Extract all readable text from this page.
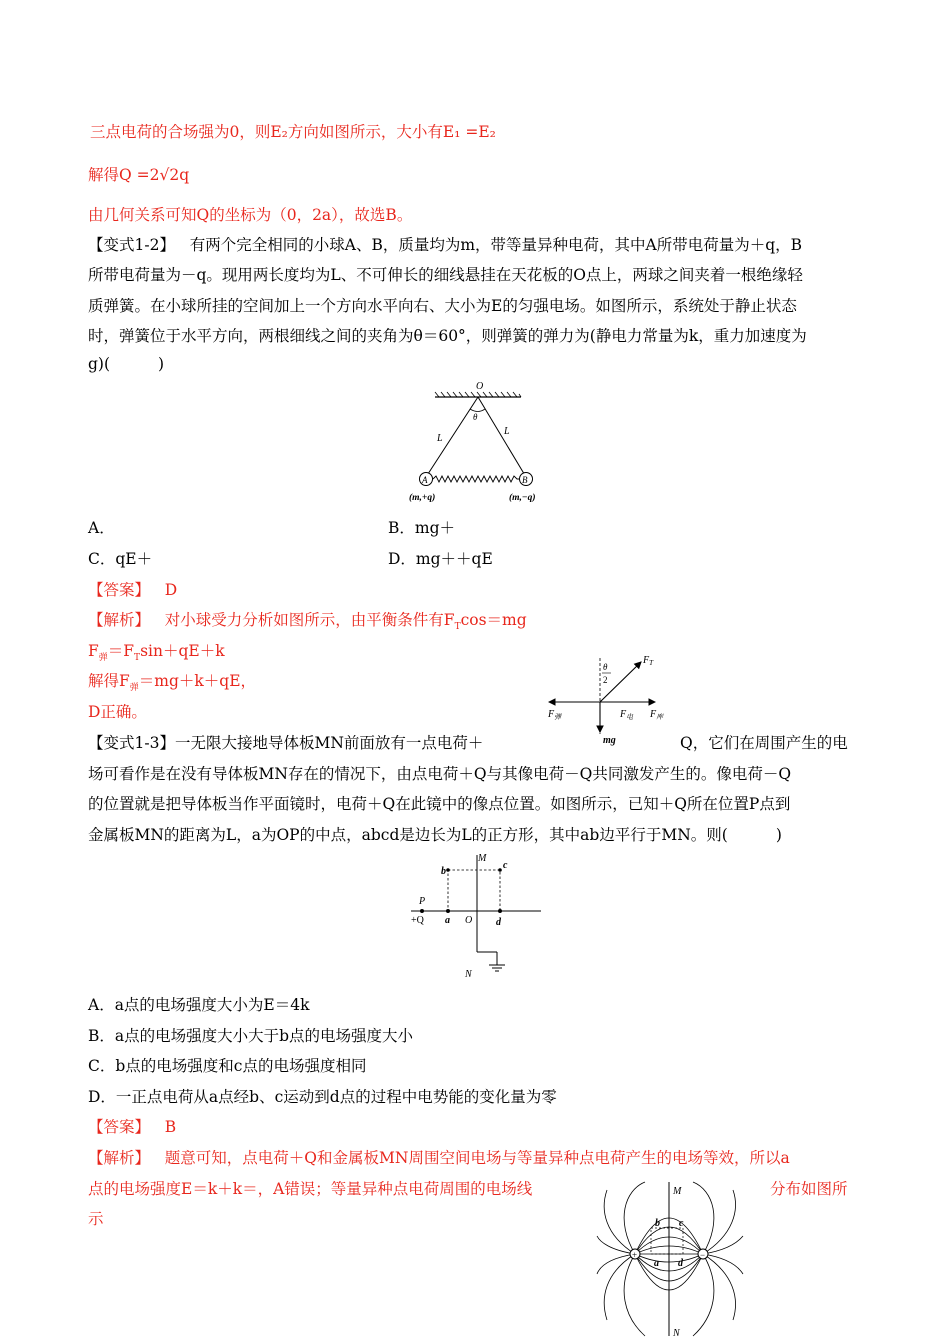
三点电荷的合场强为0，则E₂方向如图所示，大小有E₁ =E₂
解得Q =2√2q
由几何关系可知Q的坐标为（0，2a），故选B。
【变式1-2】 有两个完全相同的小球A、B，质量均为m，带等量异种电荷，其中A所带电荷量为＋q，B
所带电荷量为－q。现用两长度均为L、不可伸长的细线悬挂在天花板的O点上，两球之间夹着一根绝缘轻
质弹簧。在小球所挂的空间加上一个方向水平向右、大小为E的匀强电场。如图所示，系统处于静止状态
时，弹簧位于水平方向，两根细线之间的夹角为θ＝60°，则弹簧的弹力为(静电力常量为k，重力加速度为
g)(	)
O
θ
L
L
A	B
(m,+q)	(m,−q)
A．	B．mg＋
C．qE＋	D．mg＋＋qE
【答案】 D
【解析】 对小球受力分析如图所示，由平衡条件有$F_T\cos=mg$
$F_弹=F_T\sin+qE+k$
解得$F_弹=mg+k+qE$，
D正确。
$F_T$
θ
2
$F_弹$	$F_电$ $F_库$
mg
【变式1-3】一无限大接地导体板MN前面放有一点电荷＋	Q，它们在周围产生的电
场可看作是在没有导体板MN存在的情况下，由点电荷＋Q与其像电荷－Q共同激发产生的。像电荷－Q
的位置就是把导体板当作平面镜时，电荷＋Q在此镜中的像点位置。如图所示，已知＋Q所在位置P点到
金属板MN的距离为L，a为OP的中点，abcd是边长为L的正方形，其中ab边平行于MN。则(	)
M
N
b
c
P
+Q a O d
A．a点的电场强度大小为E＝4k
B．a点的电场强度大小大于b点的电场强度大小
C．b点的电场强度和c点的电场强度相同
D．一正点电荷从a点经b、c运动到d点的过程中电势能的变化量为零
【答案】 B
【解析】 题意可知，点电荷＋Q和金属板MN周围空间电场与等量异种点电荷产生的电场等效，所以a
点的电场强度E＝k＋k＝，A错误；等量异种点电荷周围的电场线	分布如图所
示
+	−
M
N
b c
a d
